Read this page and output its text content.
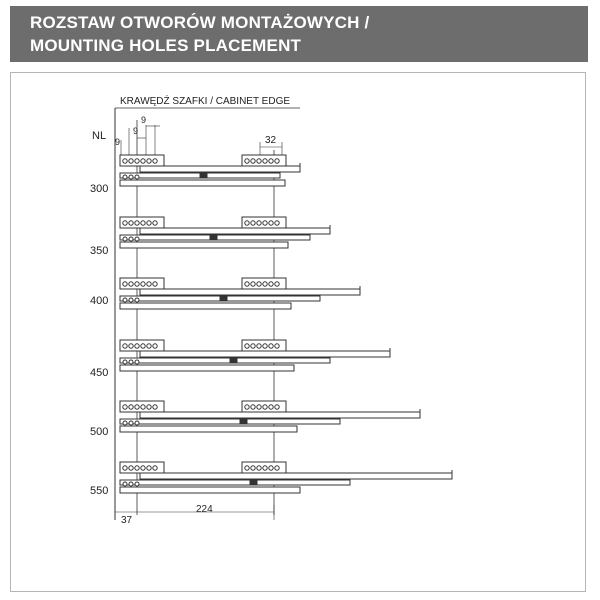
ROZSTAW OTWORÓW MONTAŻOWYCH /
MOUNTING HOLES PLACEMENT
KRAWĘDŹ SZAFKI / CABINET EDGE
NL 9
9
9
32
37
224
300
350
400
450
500
550
